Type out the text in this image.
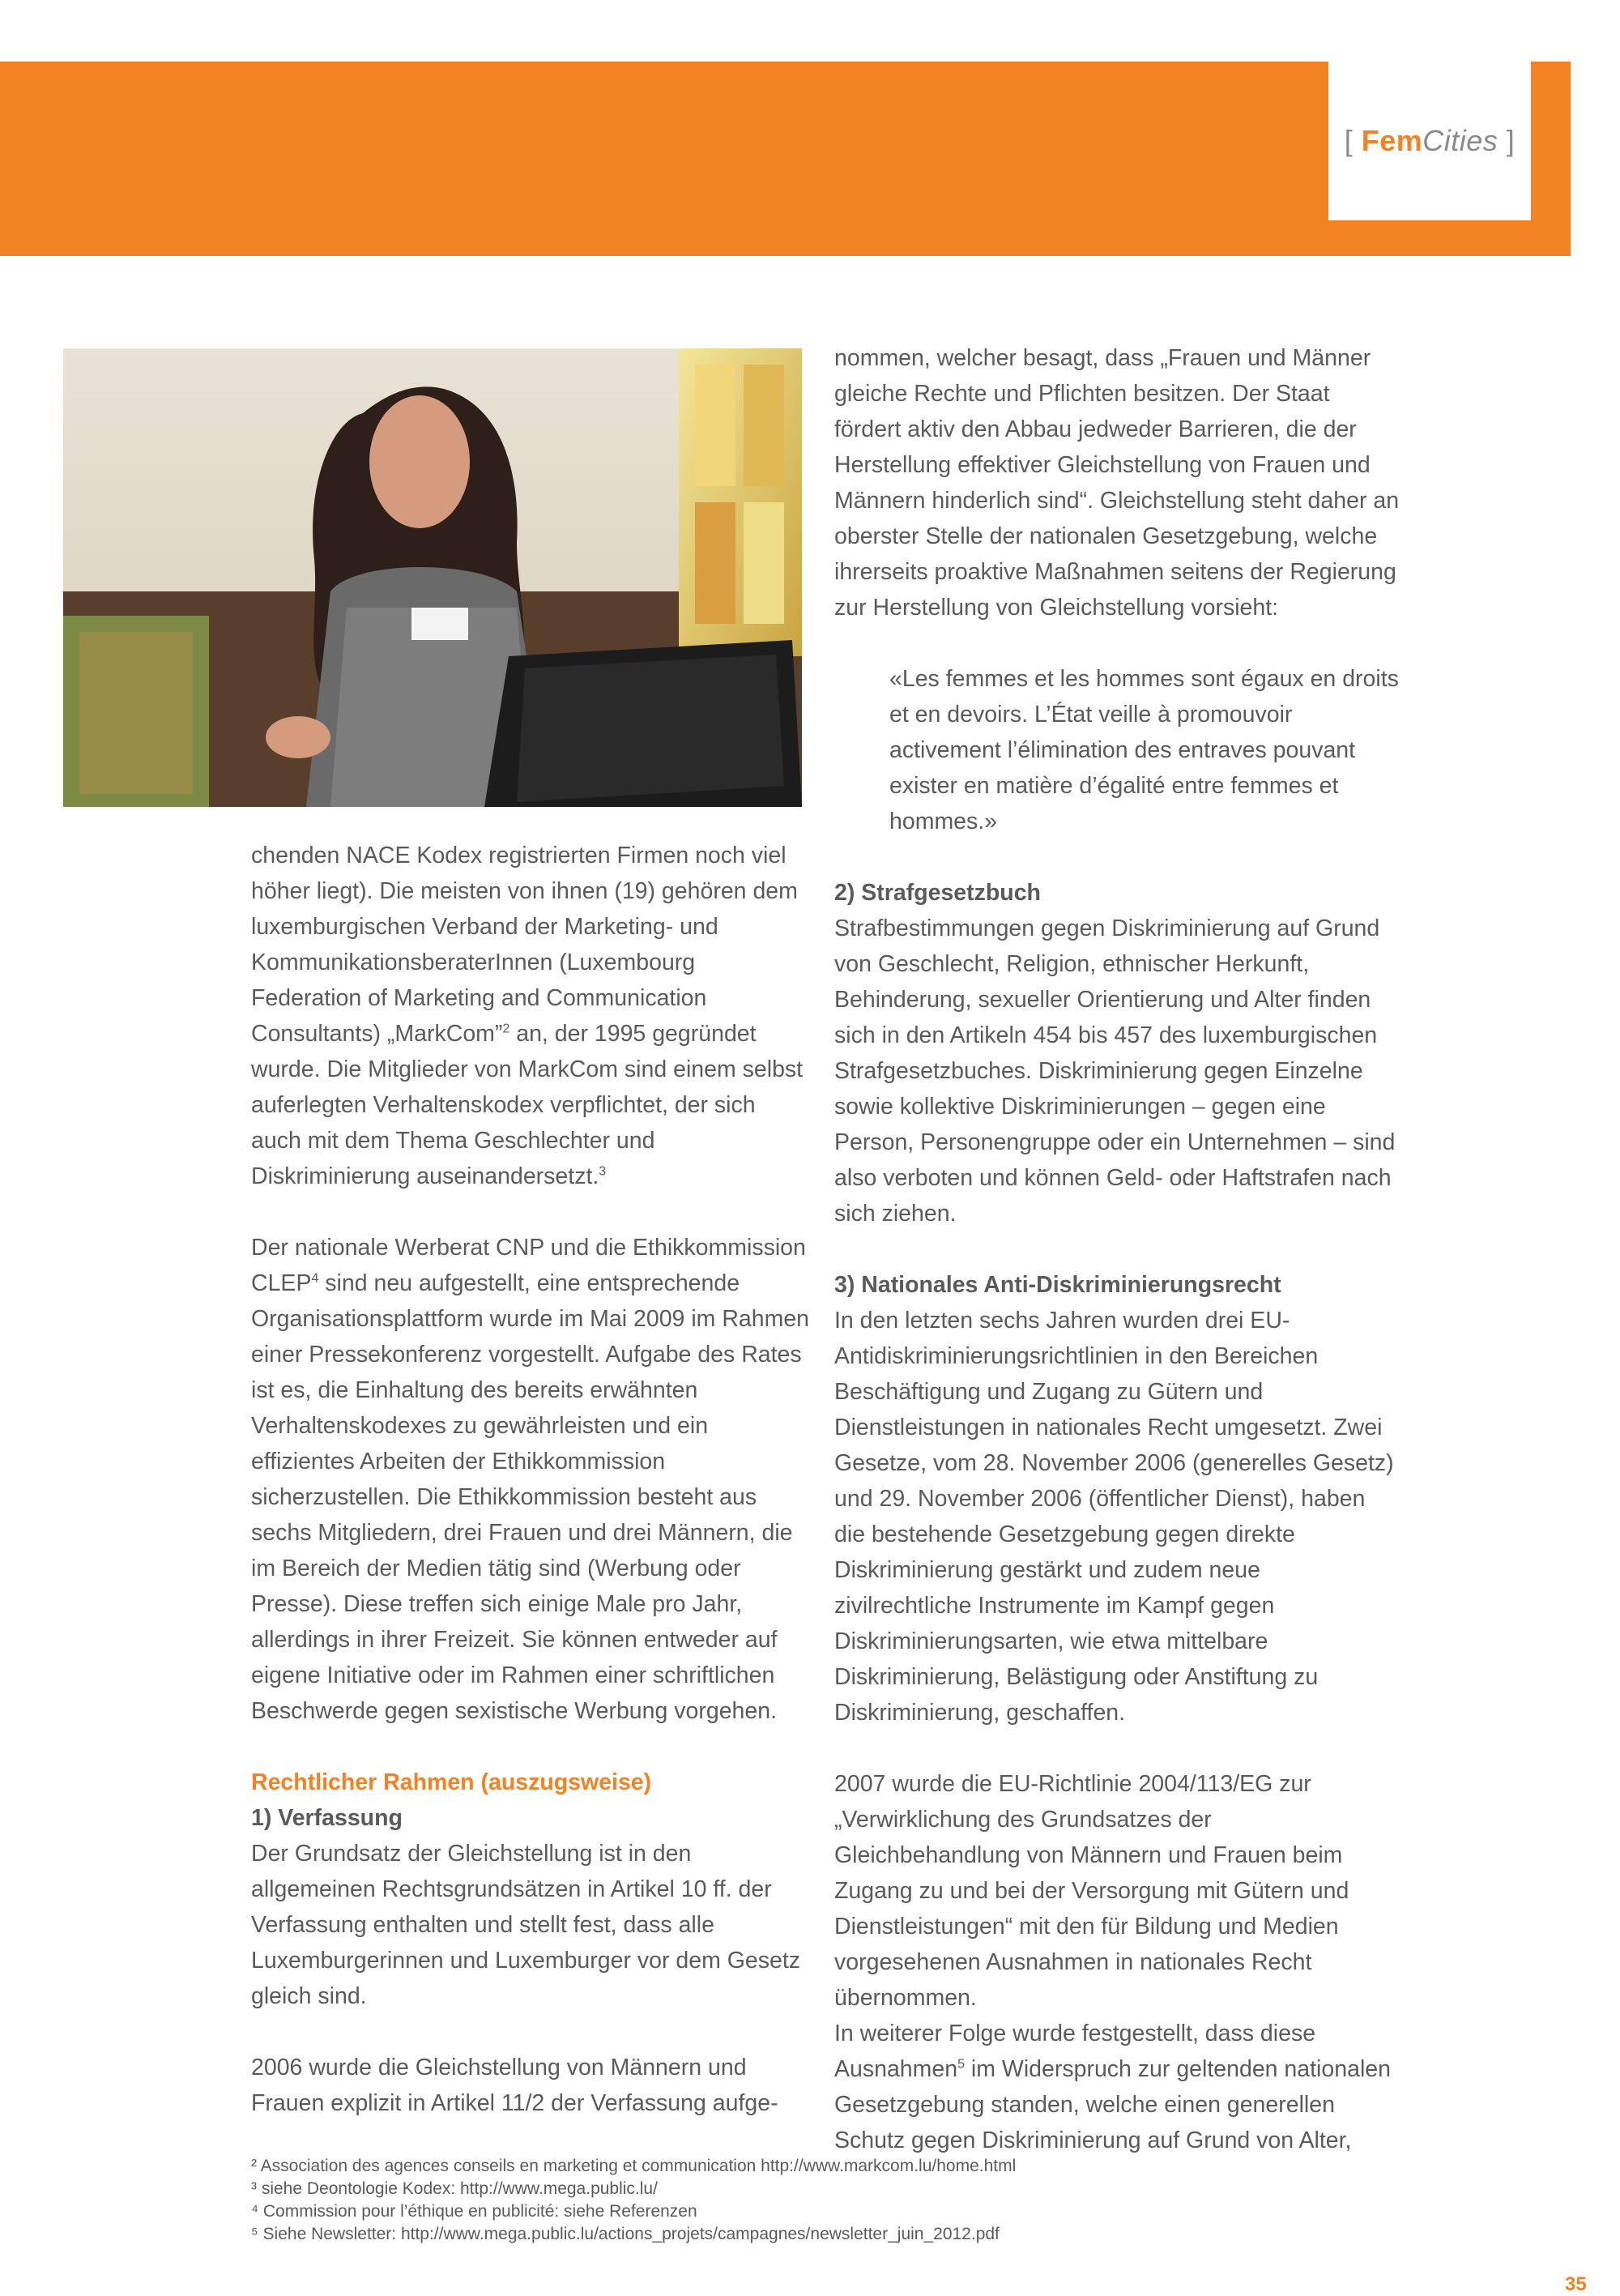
[ FemCities ]

chenden NACE Kodex registrierten Firmen noch viel höher liegt). Die meisten von ihnen (19) gehören dem luxemburgischen Verband der Marketing- und KommunikationsberaterInnen (Luxembourg Federation of Marketing and Communication Consultants) „MarkCom”$^2$ an, der 1995 gegründet wurde. Die Mitglieder von MarkCom sind einem selbst auferlegten Verhaltenskodex verpflichtet, der sich auch mit dem Thema Geschlechter und Diskriminierung auseinandersetzt.$^3$

Der nationale Werberat CNP und die Ethikkommission CLEP$^4$ sind neu aufgestellt, eine entsprechende Organisationsplattform wurde im Mai 2009 im Rahmen einer Pressekonferenz vorgestellt. Aufgabe des Rates ist es, die Einhaltung des bereits erwähnten Verhaltenskodexes zu gewährleisten und ein effizientes Arbeiten der Ethikkommission sicherzustellen. Die Ethikkommission besteht aus sechs Mitgliedern, drei Frauen und drei Männern, die im Bereich der Medien tätig sind (Werbung oder Presse). Diese treffen sich einige Male pro Jahr, allerdings in ihrer Freizeit. Sie können entweder auf eigene Initiative oder im Rahmen einer schriftlichen Beschwerde gegen sexistische Werbung vorgehen.

Rechtlicher Rahmen (auszugsweise)

1) Verfassung

Der Grundsatz der Gleichstellung ist in den allgemeinen Rechtsgrundsätzen in Artikel 10 ff. der Verfassung enthalten und stellt fest, dass alle Luxemburgerinnen und Luxemburger vor dem Gesetz gleich sind.

2006 wurde die Gleichstellung von Männern und Frauen explizit in Artikel 11/2 der Verfassung aufge-

nommen, welcher besagt, dass „Frauen und Männer gleiche Rechte und Pflichten besitzen. Der Staat fördert aktiv den Abbau jedweder Barrieren, die der Herstellung effektiver Gleichstellung von Frauen und Männern hinderlich sind“. Gleichstellung steht daher an oberster Stelle der nationalen Gesetzgebung, welche ihrerseits proaktive Maßnahmen seitens der Regierung zur Herstellung von Gleichstellung vorsieht:

«Les femmes et les hommes sont égaux en droits et en devoirs. L’État veille à promouvoir activement l’élimination des entraves pouvant exister en matière d’égalité entre femmes et hommes.»

2) Strafgesetzbuch

Strafbestimmungen gegen Diskriminierung auf Grund von Geschlecht, Religion, ethnischer Herkunft, Behinderung, sexueller Orientierung und Alter finden sich in den Artikeln 454 bis 457 des luxemburgischen Strafgesetzbuches. Diskriminierung gegen Einzelne sowie kollektive Diskriminierungen – gegen eine Person, Personengruppe oder ein Unternehmen – sind also verboten und können Geld- oder Haftstrafen nach sich ziehen.

3) Nationales Anti-Diskriminierungsrecht

In den letzten sechs Jahren wurden drei EU-Antidiskriminierungsrichtlinien in den Bereichen Beschäftigung und Zugang zu Gütern und Dienstleistungen in nationales Recht umgesetzt. Zwei Gesetze, vom 28. November 2006 (generelles Gesetz) und 29. November 2006 (öffentlicher Dienst), haben die bestehende Gesetzgebung gegen direkte Diskriminierung gestärkt und zudem neue zivilrechtliche Instrumente im Kampf gegen Diskriminierungsarten, wie etwa mittelbare Diskriminierung, Belästigung oder Anstiftung zu Diskriminierung, geschaffen.

2007 wurde die EU-Richtlinie 2004/113/EG zur „Verwirklichung des Grundsatzes der Gleichbehandlung von Männern und Frauen beim Zugang zu und bei der Versorgung mit Gütern und Dienstleistungen“ mit den für Bildung und Medien vorgesehenen Ausnahmen in nationales Recht übernommen.

In weiterer Folge wurde festgestellt, dass diese Ausnahmen$^5$ im Widerspruch zur geltenden nationalen Gesetzgebung standen, welche einen generellen Schutz gegen Diskriminierung auf Grund von Alter,

² Association des agences conseils en marketing et communication http://www.markcom.lu/home.html

³ siehe Deontologie Kodex: http://www.mega.public.lu/

⁴ Commission pour l’éthique en publicité: siehe Referenzen

⁵ Siehe Newsletter: http://www.mega.public.lu/actions_projets/campagnes/newsletter_juin_2012.pdf

35
